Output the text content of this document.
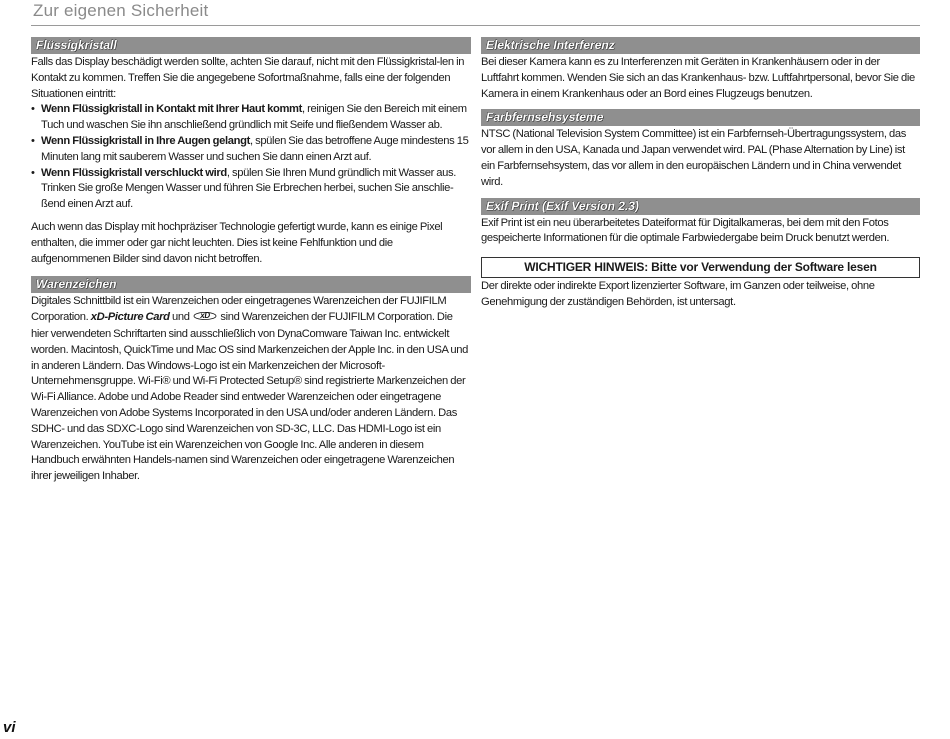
Zur eigenen Sicherheit
Flüssigkristall

Falls das Display beschädigt werden sollte, achten Sie darauf, nicht mit den Flüssigkristal-len in Kontakt zu kommen. Treffen Sie die angegebene Sofortmaßnahme, falls eine der folgenden Situationen eintritt:

• Wenn Flüssigkristall in Kontakt mit Ihrer Haut kommt, reinigen Sie den Bereich mit einem Tuch und waschen Sie ihn anschließend gründlich mit Seife und fließendem Wasser ab.
• Wenn Flüssigkristall in Ihre Augen gelangt, spülen Sie das betroffene Auge mindestens 15 Minuten lang mit sauberem Wasser und suchen Sie dann einen Arzt auf.
• Wenn Flüssigkristall verschluckt wird, spülen Sie Ihren Mund gründlich mit Wasser aus. Trinken Sie große Mengen Wasser und führen Sie Erbrechen herbei, suchen Sie anschlie-ßend einen Arzt auf.

Auch wenn das Display mit hochpräziser Technologie gefertigt wurde, kann es einige Pixel enthalten, die immer oder gar nicht leuchten. Dies ist keine Fehlfunktion und die aufgenommenen Bilder sind davon nicht betroffen.

Warenzeichen

Digitales Schnittbild ist ein Warenzeichen oder eingetragenes Warenzeichen der FUJIFILM Corporation. xD-Picture Card und xD sind Warenzeichen der FUJIFILM Corporation. Die hier verwendeten Schriftarten sind ausschließlich von DynaComware Taiwan Inc. entwickelt worden. Macintosh, QuickTime und Mac OS sind Markenzeichen der Apple Inc. in den USA und in anderen Ländern. Das Windows-Logo ist ein Markenzeichen der Microsoft-Unternehmensgruppe. Wi-Fi® und Wi-Fi Protected Setup® sind registrierte Markenzeichen der Wi-Fi Alliance. Adobe und Adobe Reader sind entweder Warenzeichen oder eingetragene Warenzeichen von Adobe Systems Incorporated in den USA und/oder anderen Ländern. Das SDHC- und das SDXC-Logo sind Warenzeichen von SD-3C, LLC. Das HDMI-Logo ist ein Warenzeichen. YouTube ist ein Warenzeichen von Google Inc. Alle anderen in diesem Handbuch erwähnten Handels-namen sind Warenzeichen oder eingetragene Warenzeichen ihrer jeweiligen Inhaber.

Elektrische Interferenz
Bei dieser Kamera kann es zu Interferenzen mit Geräten in Krankenhäusern oder in der Luftfahrt kommen. Wenden Sie sich an das Krankenhaus- bzw. Luftfahrtpersonal, bevor Sie die Kamera in einem Krankenhaus oder an Bord eines Flugzeugs benutzen.
Farbfernsehsysteme
NTSC (National Television System Committee) ist ein Farbfernseh-Übertragungssystem, das vor allem in den USA, Kanada und Japan verwendet wird. PAL (Phase Alternation by Line) ist ein Farbfernsehsystem, das vor allem in den europäischen Ländern und in China verwendet wird.
Exif Print (Exif Version 2.3)
Exif Print ist ein neu überarbeitetes Dateiformat für Digitalkameras, bei dem mit den Fotos gespeicherte Informationen für die optimale Farbwiedergabe beim Druck benutzt werden.
WICHTIGER HINWEIS: Bitte vor Verwendung der Software lesen
Der direkte oder indirekte Export lizenzierter Software, im Ganzen oder teilweise, ohne Genehmigung der zuständigen Behörden, ist untersagt.
vi
